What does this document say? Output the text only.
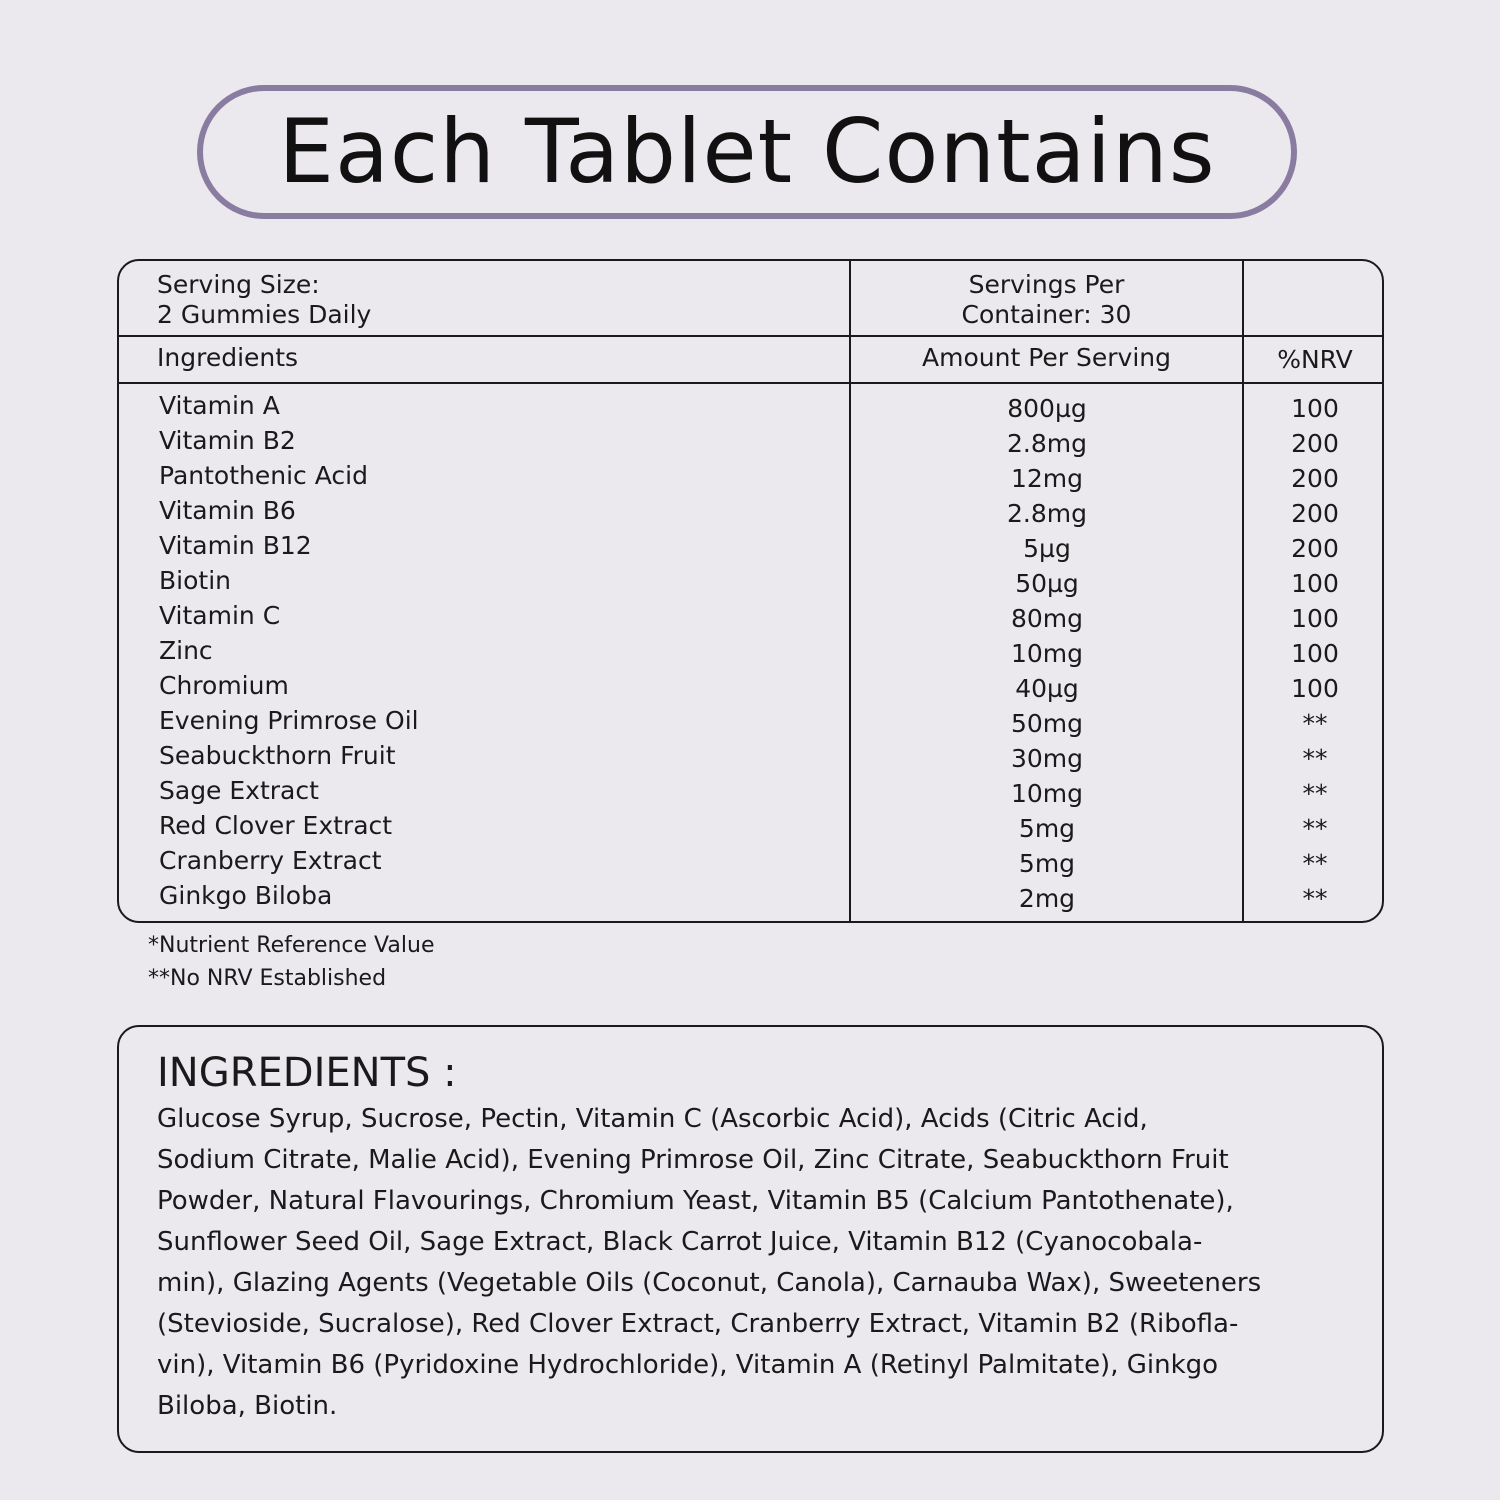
Each Tablet Contains
Serving Size:
2 Gummies Daily
Servings Per
Container: 30
Ingredients	Amount Per Serving	%NRV
Vitamin A
Vitamin B2
Pantothenic Acid
Vitamin B6
Vitamin B12
Biotin
Vitamin C
Zinc
Chromium
Evening Primrose Oil
Seabuckthorn Fruit
Sage Extract
Red Clover Extract
Cranberry Extract
Ginkgo Biloba
800µg
2.8mg
12mg
2.8mg
5µg
50µg
80mg
10mg
40µg
50mg
30mg
10mg
5mg
5mg
2mg
100
200
200
200
200
100
100
100
100
**
**
**
**
**
**
*Nutrient Reference Value
**No NRV Established
INGREDIENTS :
Glucose Syrup, Sucrose, Pectin, Vitamin C (Ascorbic Acid), Acids (Citric Acid,
Sodium Citrate, Malie Acid), Evening Primrose Oil, Zinc Citrate, Seabuckthorn Fruit
Powder, Natural Flavourings, Chromium Yeast, Vitamin B5 (Calcium Pantothenate),
Sunflower Seed Oil, Sage Extract, Black Carrot Juice, Vitamin B12 (Cyanocobala-
min), Glazing Agents (Vegetable Oils (Coconut, Canola), Carnauba Wax), Sweeteners
(Stevioside, Sucralose), Red Clover Extract, Cranberry Extract, Vitamin B2 (Ribofla-
vin), Vitamin B6 (Pyridoxine Hydrochloride), Vitamin A (Retinyl Palmitate), Ginkgo
Biloba, Biotin.
